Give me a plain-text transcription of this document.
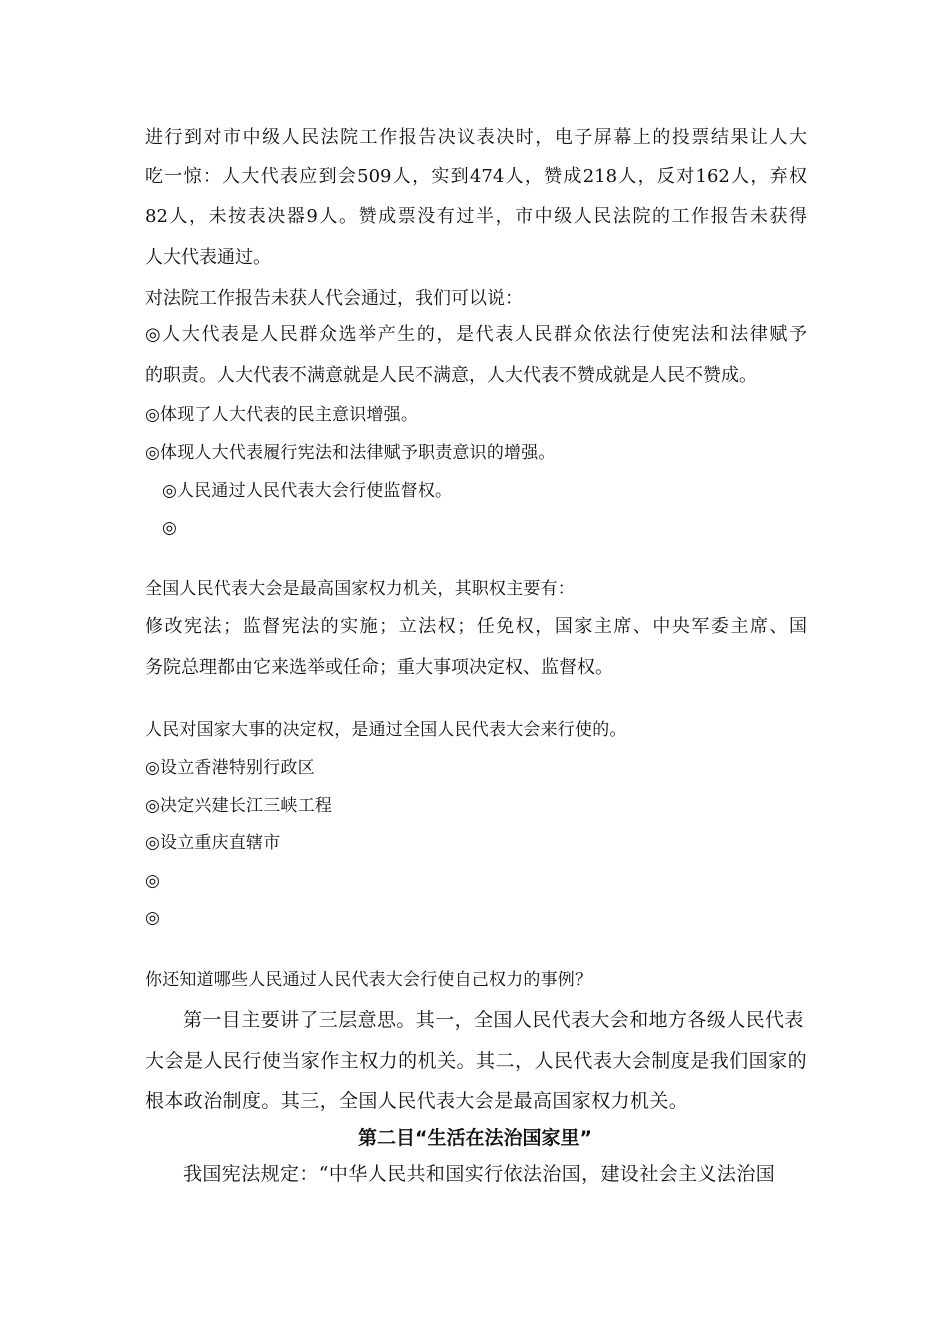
进行到对市中级人民法院工作报告决议表决时，电子屏幕上的投票结果让人大
吃一惊：人大代表应到会509人，实到474人，赞成218人，反对162人，弃权
82人，未按表决器9人。赞成票没有过半，市中级人民法院的工作报告未获得
人大代表通过。
对法院工作报告未获人代会通过，我们可以说：
◎人大代表是人民群众选举产生的，是代表人民群众依法行使宪法和法律赋予
的职责。人大代表不满意就是人民不满意，人大代表不赞成就是人民不赞成。
◎体现了人大代表的民主意识增强。
◎体现人大代表履行宪法和法律赋予职责意识的增强。
◎人民通过人民代表大会行使监督权。
◎
全国人民代表大会是最高国家权力机关，其职权主要有：
修改宪法；监督宪法的实施；立法权；任免权，国家主席、中央军委主席、国
务院总理都由它来选举或任命；重大事项决定权、监督权。
人民对国家大事的决定权，是通过全国人民代表大会来行使的。
◎设立香港特别行政区
◎决定兴建长江三峡工程
◎设立重庆直辖市
◎
◎
你还知道哪些人民通过人民代表大会行使自己权力的事例？
第一目主要讲了三层意思。其一，全国人民代表大会和地方各级人民代表
大会是人民行使当家作主权力的机关。其二，人民代表大会制度是我们国家的
根本政治制度。其三，全国人民代表大会是最高国家权力机关。
第二目“生活在法治国家里”
我国宪法规定：“中华人民共和国实行依法治国，建设社会主义法治国
